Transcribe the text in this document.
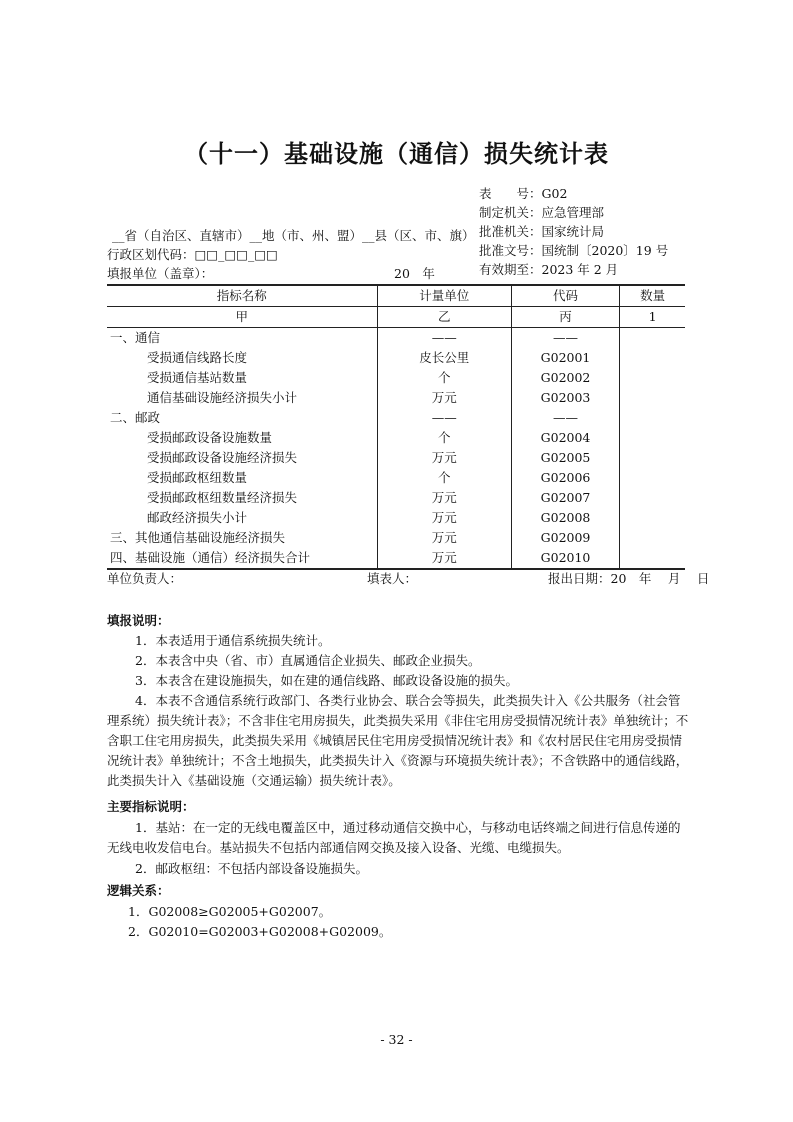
（十一）基础设施（通信）损失统计表
表　　号：G02
制定机关：应急管理部
批准机关：国家统计局
批准文号：国统制〔2020〕19 号
有效期至：2023 年 2 月
__省（自治区、直辖市）__地（市、州、盟）__县（区、市、旗）
行政区划代码：□□_□□_□□
填报单位（盖章）：	20　年
指标名称	计量单位	代码	数量
甲	乙	丙	1
一、通信	——	——	
受损通信线路长度	皮长公里	G02001	
受损通信基站数量	个	G02002	
通信基础设施经济损失小计	万元	G02003	
二、邮政	——	——	
受损邮政设备设施数量	个	G02004	
受损邮政设备设施经济损失	万元	G02005	
受损邮政枢纽数量	个	G02006	
受损邮政枢纽数量经济损失	万元	G02007	
邮政经济损失小计	万元	G02008	
三、其他通信基础设施经济损失	万元	G02009	
四、基础设施（通信）经济损失合计	万元	G02010	
单位负责人：	填表人：	报出日期：20　年　 月　 日
填报说明：
1．本表适用于通信系统损失统计。
2．本表含中央（省、市）直属通信企业损失、邮政企业损失。
3．本表含在建设施损失，如在建的通信线路、邮政设备设施的损失。
4．本表不含通信系统行政部门、各类行业协会、联合会等损失，此类损失计入《公共服务（社会管理系统）损失统计表》；不含非住宅用房损失，此类损失采用《非住宅用房受损情况统计表》单独统计；不含职工住宅用房损失，此类损失采用《城镇居民住宅用房受损情况统计表》和《农村居民住宅用房受损情况统计表》单独统计；不含土地损失，此类损失计入《资源与环境损失统计表》；不含铁路中的通信线路，此类损失计入《基础设施（交通运输）损失统计表》。
主要指标说明：
1．基站：在一定的无线电覆盖区中，通过移动通信交换中心，与移动电话终端之间进行信息传递的无线电收发信电台。基站损失不包括内部通信网交换及接入设备、光缆、电缆损失。
2．邮政枢纽：不包括内部设备设施损失。
逻辑关系：
1．G02008≥G02005+G02007。
2．G02010=G02003+G02008+G02009。
- 32 -
